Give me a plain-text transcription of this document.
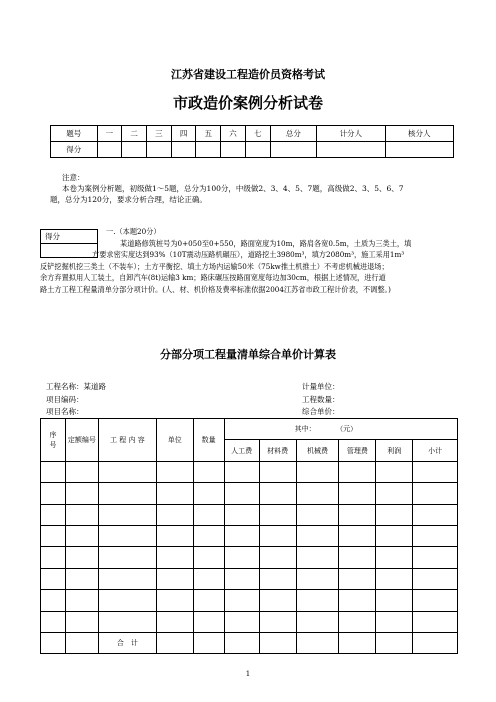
江苏省建设工程造价员资格考试
市政造价案例分析试卷
题号	一	二	三	四	五	六	七	总分	计分人	核分人
得分										

注意：

本卷为案例分析题，初级做1～5题，总分为100分，中级做2、3、4、5、7题，高级做2、3、5、6、7

题，总分为120分，要求分析合理，结论正确。

得分

一.（本题20分）

某道路修筑桩号为0+050至0+550，路面宽度为10m，路肩各宽0.5m，土质为三类土，填

方要求密实度达到93%（10T震动压路机碾压），道路挖土3980m³，填方2080m³，施工采用1m³

反铲挖掘机挖三类土（不装车）；土方平衡挖、填土方场内运输50米（75kw推土机推土）不考虑机械进退场；

余方弃置拟用人工装土，自卸汽车(8t)运输3 km；路床碾压按路面宽度每边加30cm，根据上述情况，进行道

路土方工程工程量清单分部分项计价。(人、材、机价格及费率标准依据2004江苏省市政工程计价表，不调整。)

分部分项工程量清单综合单价计算表
工程名称：某道路	计量单位：
项目编码：	工程数量：
项目名称：	综合单价：
序号	定额编号	工 程 内 容	单位	数量	其中： （元）					
					人工费	材料费	机械费	管理费	利润	小计

		合　计								
1
